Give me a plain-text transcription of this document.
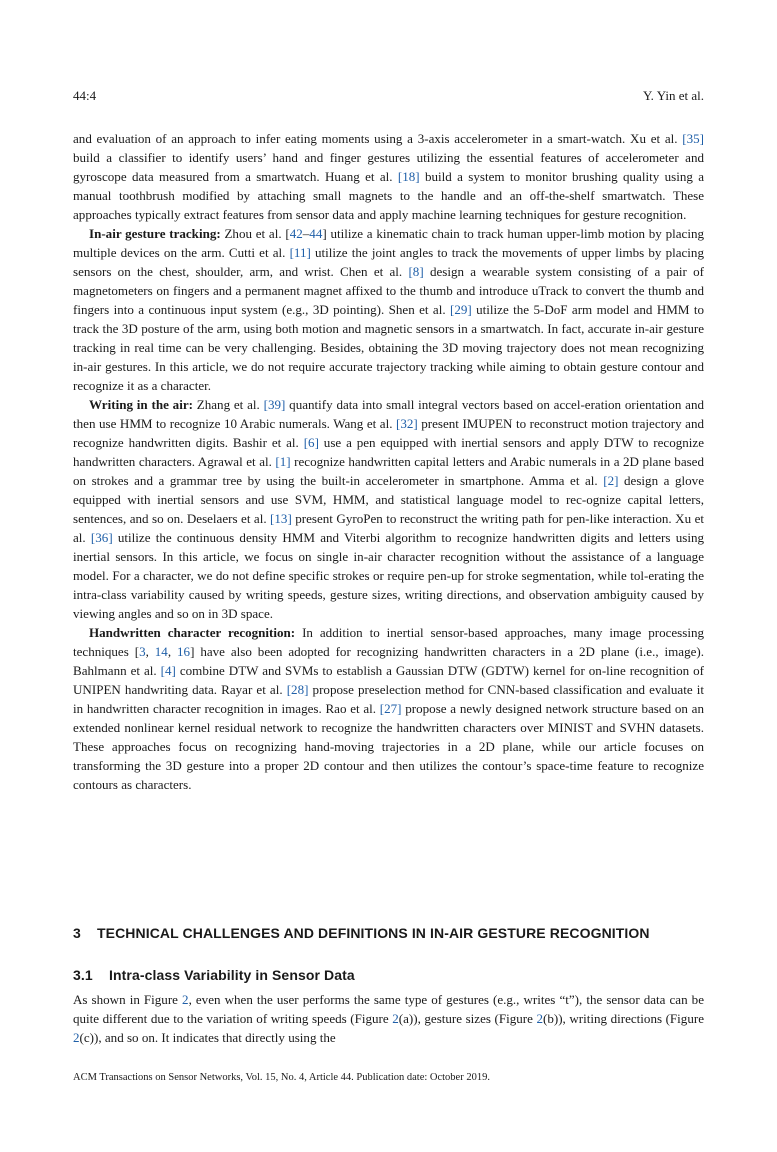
44:4	Y. Yin et al.

and evaluation of an approach to infer eating moments using a 3-axis accelerometer in a smart-watch. Xu et al. [35] build a classifier to identify users’ hand and finger gestures utilizing the essential features of accelerometer and gyroscope data measured from a smartwatch. Huang et al. [18] build a system to monitor brushing quality using a manual toothbrush modified by attaching small magnets to the handle and an off-the-shelf smartwatch. These approaches typically extract features from sensor data and apply machine learning techniques for gesture recognition.

In-air gesture tracking: Zhou et al. [42–44] utilize a kinematic chain to track human upper-limb motion by placing multiple devices on the arm. Cutti et al. [11] utilize the joint angles to track the movements of upper limbs by placing sensors on the chest, shoulder, arm, and wrist. Chen et al. [8] design a wearable system consisting of a pair of magnetometers on fingers and a permanent magnet affixed to the thumb and introduce uTrack to convert the thumb and fingers into a continuous input system (e.g., 3D pointing). Shen et al. [29] utilize the 5-DoF arm model and HMM to track the 3D posture of the arm, using both motion and magnetic sensors in a smartwatch. In fact, accurate in-air gesture tracking in real time can be very challenging. Besides, obtaining the 3D moving trajectory does not mean recognizing in-air gestures. In this article, we do not require accurate trajectory tracking while aiming to obtain gesture contour and recognize it as a character.

Writing in the air: Zhang et al. [39] quantify data into small integral vectors based on accel-eration orientation and then use HMM to recognize 10 Arabic numerals. Wang et al. [32] present IMUPEN to reconstruct motion trajectory and recognize handwritten digits. Bashir et al. [6] use a pen equipped with inertial sensors and apply DTW to recognize handwritten characters. Agrawal et al. [1] recognize handwritten capital letters and Arabic numerals in a 2D plane based on strokes and a grammar tree by using the built-in accelerometer in smartphone. Amma et al. [2] design a glove equipped with inertial sensors and use SVM, HMM, and statistical language model to rec-ognize capital letters, sentences, and so on. Deselaers et al. [13] present GyroPen to reconstruct the writing path for pen-like interaction. Xu et al. [36] utilize the continuous density HMM and Viterbi algorithm to recognize handwritten digits and letters using inertial sensors. In this article, we focus on single in-air character recognition without the assistance of a language model. For a character, we do not define specific strokes or require pen-up for stroke segmentation, while tol-erating the intra-class variability caused by writing speeds, gesture sizes, writing directions, and observation ambiguity caused by viewing angles and so on in 3D space.

Handwritten character recognition: In addition to inertial sensor-based approaches, many image processing techniques [3, 14, 16] have also been adopted for recognizing handwritten characters in a 2D plane (i.e., image). Bahlmann et al. [4] combine DTW and SVMs to establish a Gaussian DTW (GDTW) kernel for on-line recognition of UNIPEN handwriting data. Rayar et al. [28] propose preselection method for CNN-based classification and evaluate it in handwritten character recognition in images. Rao et al. [27] propose a newly designed network structure based on an extended nonlinear kernel residual network to recognize the handwritten characters over MINIST and SVHN datasets. These approaches focus on recognizing hand-moving trajectories in a 2D plane, while our article focuses on transforming the 3D gesture into a proper 2D contour and then utilizes the contour’s space-time feature to recognize contours as characters.

3 TECHNICAL CHALLENGES AND DEFINITIONS IN IN-AIR GESTURE RECOGNITION
3.1 Intra-class Variability in Sensor Data

As shown in Figure 2, even when the user performs the same type of gestures (e.g., writes “t”), the sensor data can be quite different due to the variation of writing speeds (Figure 2(a)), gesture sizes (Figure 2(b)), writing directions (Figure 2(c)), and so on. It indicates that directly using the

ACM Transactions on Sensor Networks, Vol. 15, No. 4, Article 44. Publication date: October 2019.
